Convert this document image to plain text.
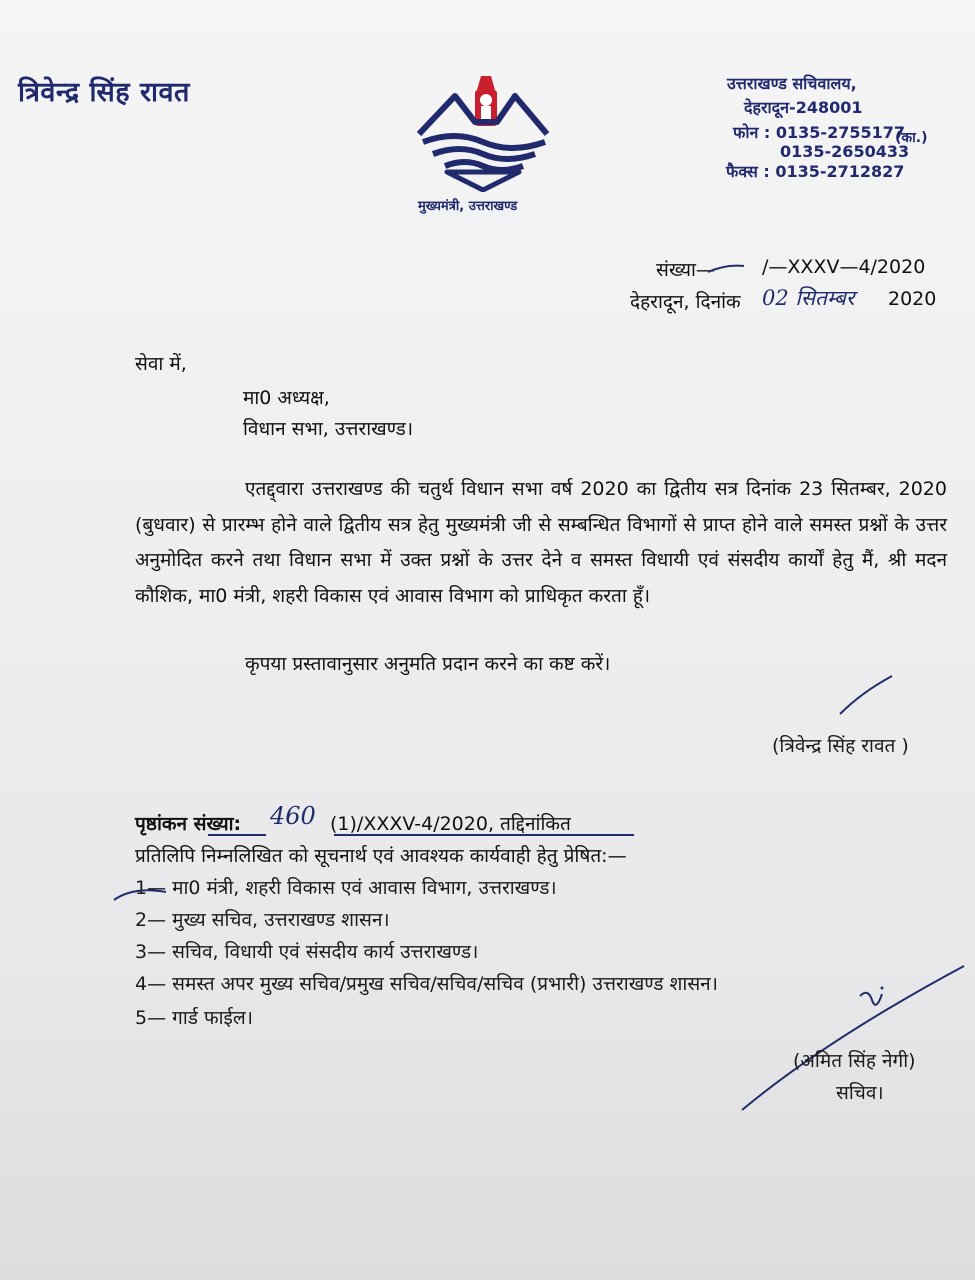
त्रिवेन्द्र सिंह रावत
मुख्यमंत्री, उत्तराखण्ड
उत्तराखण्ड सचिवालय,
देहरादून-248001
फोन : 0135-2755177
(का.)
0135-2650433
फैक्स : 0135-2712827
संख्या— /—XXXV—4/2020
देहरादून, दिनांक 02 सितम्बर 2020
सेवा में,
मा0 अध्यक्ष,
विधान सभा, उत्तराखण्ड।
एतद्द्वारा उत्तराखण्ड की चतुर्थ विधान सभा वर्ष 2020 का द्वितीय सत्र दिनांक 23 सितम्बर, 2020 (बुधवार) से प्रारम्भ होने वाले द्वितीय सत्र हेतु मुख्यमंत्री जी से सम्बन्धित विभागों से प्राप्त होने वाले समस्त प्रश्नों के उत्तर अनुमोदित करने तथा विधान सभा में उक्त प्रश्नों के उत्तर देने व समस्त विधायी एवं संसदीय कार्यों हेतु मैं, श्री मदन कौशिक, मा0 मंत्री, शहरी विकास एवं आवास विभाग को प्राधिकृत करता हूँ।
कृपया प्रस्तावानुसार अनुमति प्रदान करने का कष्ट करें।
(त्रिवेन्द्र सिंह रावत )
पृष्ठांकन संख्या: 460 (1)/XXXV-4/2020, तद्दिनांकित
प्रतिलिपि निम्नलिखित को सूचनार्थ एवं आवश्यक कार्यवाही हेतु प्रेषित:—
1— मा0 मंत्री, शहरी विकास एवं आवास विभाग, उत्तराखण्ड।
2— मुख्य सचिव, उत्तराखण्ड शासन।
3— सचिव, विधायी एवं संसदीय कार्य उत्तराखण्ड।
4— समस्त अपर मुख्य सचिव/प्रमुख सचिव/सचिव/सचिव (प्रभारी) उत्तराखण्ड शासन।
5— गार्ड फाईल।
(अमित सिंह नेगी)
सचिव।
